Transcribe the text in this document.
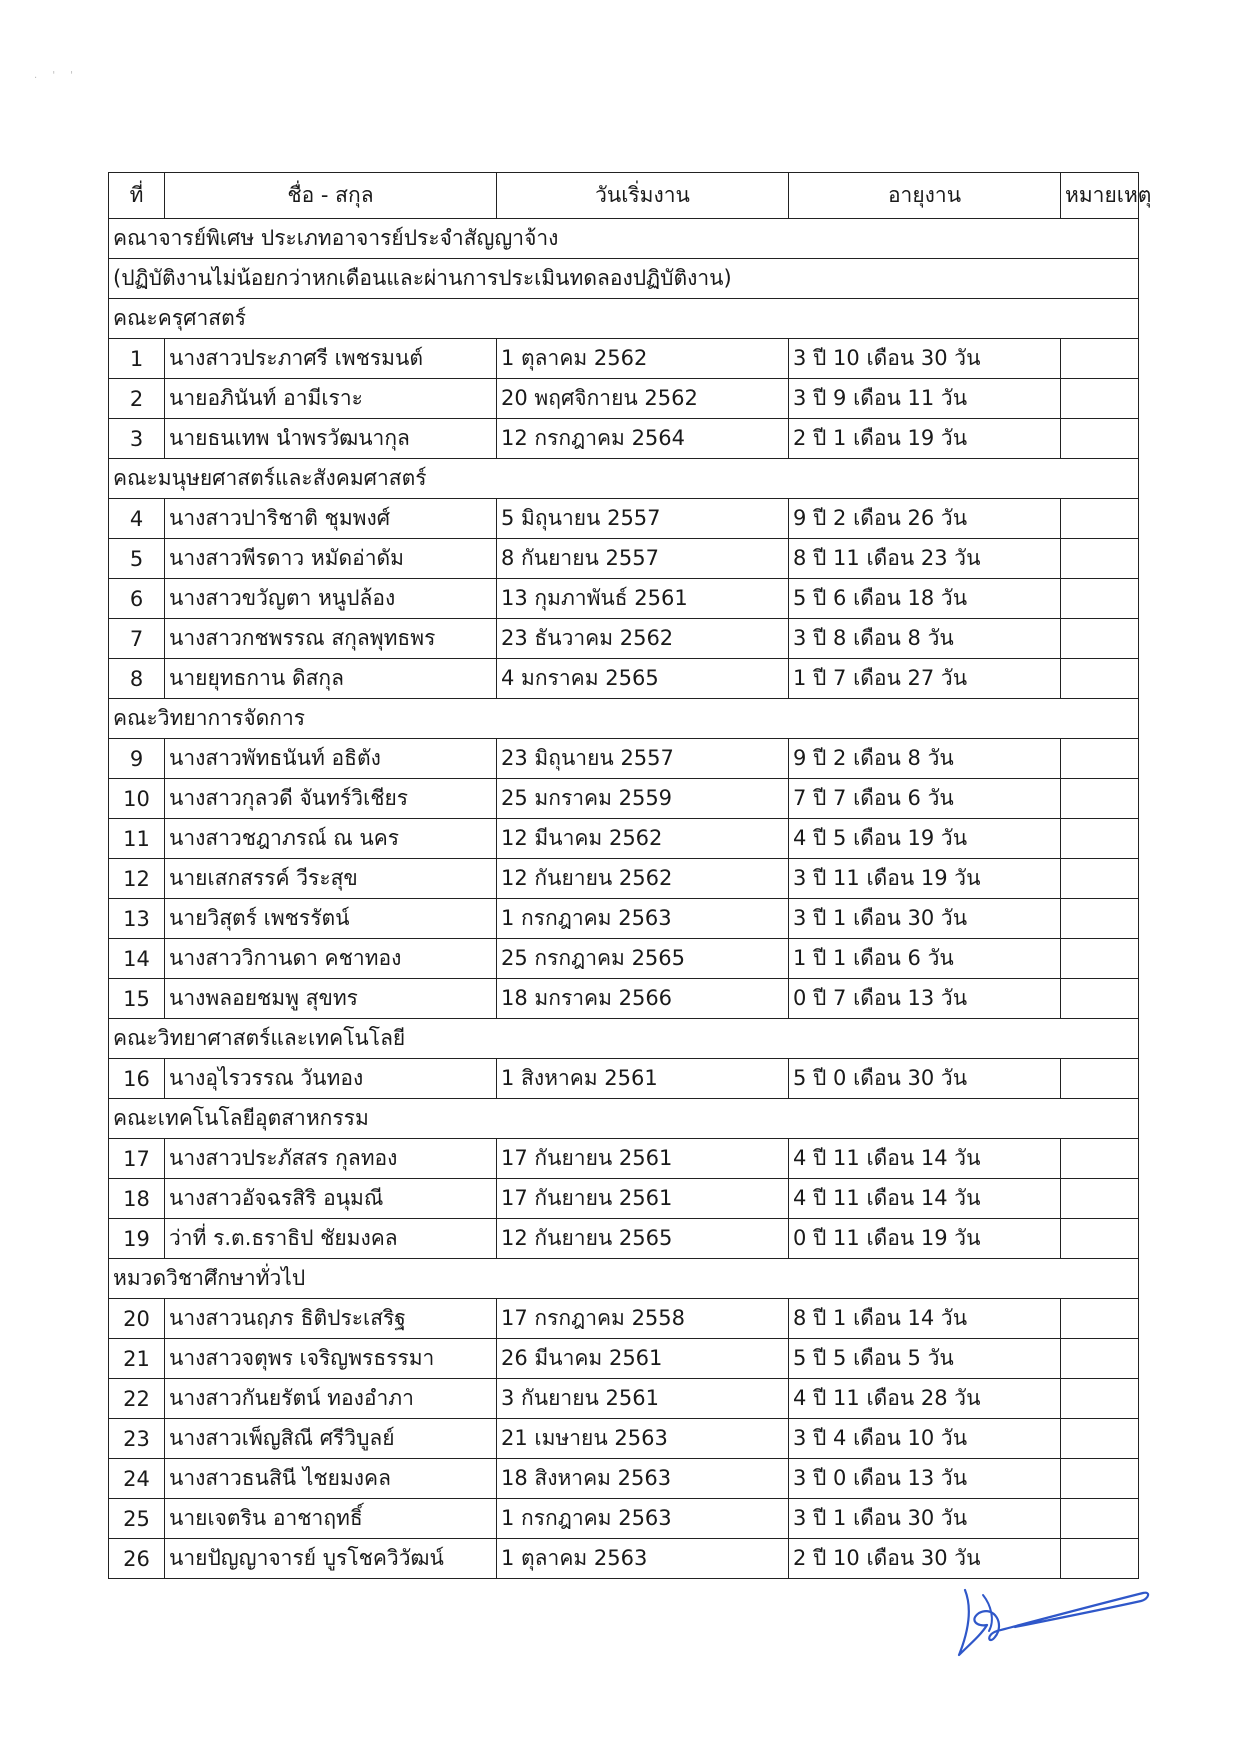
. ' '
ที่	ชื่อ - สกุล	วันเริ่มงาน	อายุงาน	หมายเหตุ
คณาจารย์พิเศษ ประเภทอาจารย์ประจำสัญญาจ้าง				
(ปฏิบัติงานไม่น้อยกว่าหกเดือนและผ่านการประเมินทดลองปฏิบัติงาน)				
คณะครุศาสตร์				
1	นางสาวประภาศรี เพชรมนต์	1 ตุลาคม 2562	3 ปี 10 เดือน 30 วัน	
2	นายอภินันท์ อามีเราะ	20 พฤศจิกายน 2562	3 ปี 9 เดือน 11 วัน	
3	นายธนเทพ นำพรวัฒนากุล	12 กรกฎาคม 2564	2 ปี 1 เดือน 19 วัน	
คณะมนุษยศาสตร์และสังคมศาสตร์				
4	นางสาวปาริชาติ ชุมพงศ์	5 มิถุนายน 2557	9 ปี 2 เดือน 26 วัน	
5	นางสาวพีรดาว หมัดอ่าดัม	8 กันยายน 2557	8 ปี 11 เดือน 23 วัน	
6	นางสาวขวัญตา หนูปล้อง	13 กุมภาพันธ์ 2561	5 ปี 6 เดือน 18 วัน	
7	นางสาวกชพรรณ สกุลพุทธพร	23 ธันวาคม 2562	3 ปี 8 เดือน 8 วัน	
8	นายยุทธกาน ดิสกุล	4 มกราคม 2565	1 ปี 7 เดือน 27 วัน	
คณะวิทยาการจัดการ				
9	นางสาวพัทธนันท์ อธิตัง	23 มิถุนายน 2557	9 ปี 2 เดือน 8 วัน	
10	นางสาวกุลวดี จันทร์วิเชียร	25 มกราคม 2559	7 ปี 7 เดือน 6 วัน	
11	นางสาวชฎาภรณ์ ณ นคร	12 มีนาคม 2562	4 ปี 5 เดือน 19 วัน	
12	นายเสกสรรค์ วีระสุข	12 กันยายน 2562	3 ปี 11 เดือน 19 วัน	
13	นายวิสุตร์ เพชรรัตน์	1 กรกฎาคม 2563	3 ปี 1 เดือน 30 วัน	
14	นางสาววิกานดา คชาทอง	25 กรกฎาคม 2565	1 ปี 1 เดือน 6 วัน	
15	นางพลอยชมพู สุขทร	18 มกราคม 2566	0 ปี 7 เดือน 13 วัน	
คณะวิทยาศาสตร์และเทคโนโลยี				
16	นางอุไรวรรณ วันทอง	1 สิงหาคม 2561	5 ปี 0 เดือน 30 วัน	
คณะเทคโนโลยีอุตสาหกรรม				
17	นางสาวประภัสสร กุลทอง	17 กันยายน 2561	4 ปี 11 เดือน 14 วัน	
18	นางสาวอัจฉรสิริ อนุมณี	17 กันยายน 2561	4 ปี 11 เดือน 14 วัน	
19	ว่าที่ ร.ต.ธราธิป ชัยมงคล	12 กันยายน 2565	0 ปี 11 เดือน 19 วัน	
หมวดวิชาศึกษาทั่วไป				
20	นางสาวนฤภร ธิติประเสริฐ	17 กรกฎาคม 2558	8 ปี 1 เดือน 14 วัน	
21	นางสาวจตุพร เจริญพรธรรมา	26 มีนาคม 2561	5 ปี 5 เดือน 5 วัน	
22	นางสาวกันยรัตน์ ทองอำภา	3 กันยายน 2561	4 ปี 11 เดือน 28 วัน	
23	นางสาวเพ็ญสิณี ศรีวิบูลย์	21 เมษายน 2563	3 ปี 4 เดือน 10 วัน	
24	นางสาวธนสินี ไชยมงคล	18 สิงหาคม 2563	3 ปี 0 เดือน 13 วัน	
25	นายเจตริน อาชาฤทธิ์	1 กรกฎาคม 2563	3 ปี 1 เดือน 30 วัน	
26	นายปัญญาจารย์ บูรโชควิวัฒน์	1 ตุลาคม 2563	2 ปี 10 เดือน 30 วัน	
